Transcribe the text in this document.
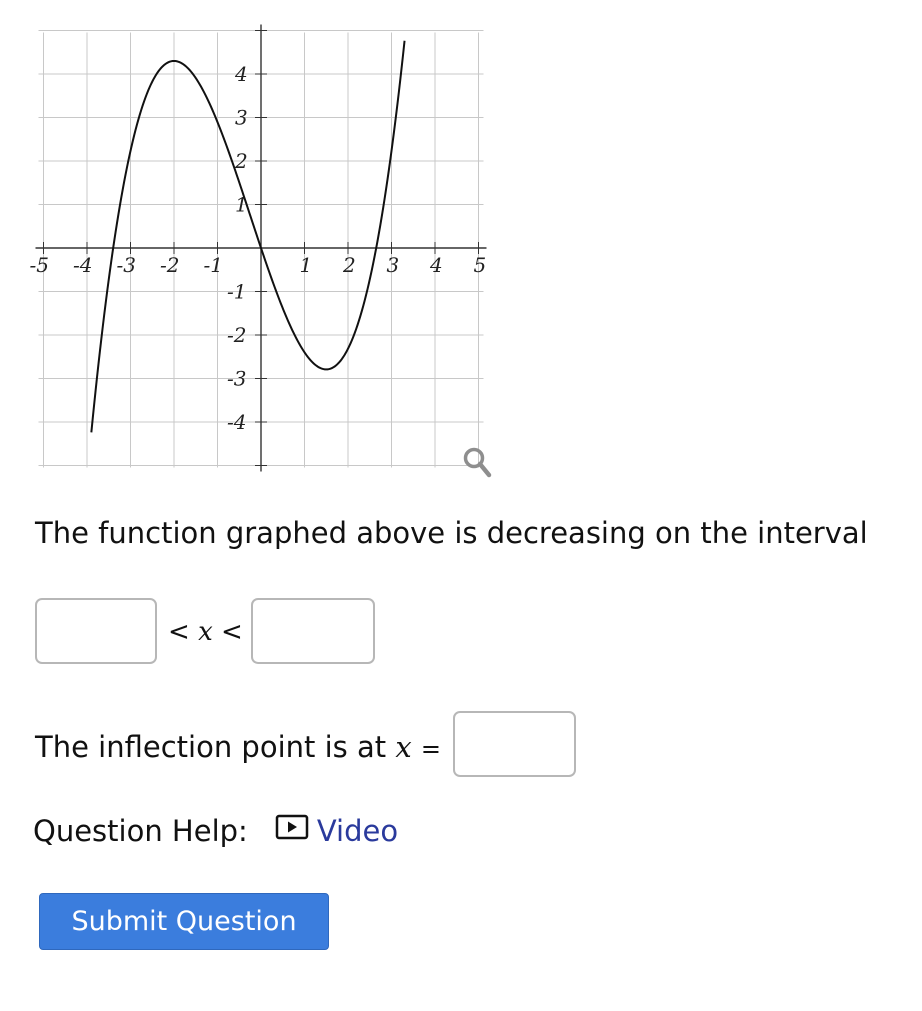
-5 -4 -3 -2 -1	1 2 3 4 5
4
3
2
1
-1
-2
-3
-4
The function graphed above is decreasing on the interval
< x <
The inflection point is at x =
Question Help: Video
Submit Question
